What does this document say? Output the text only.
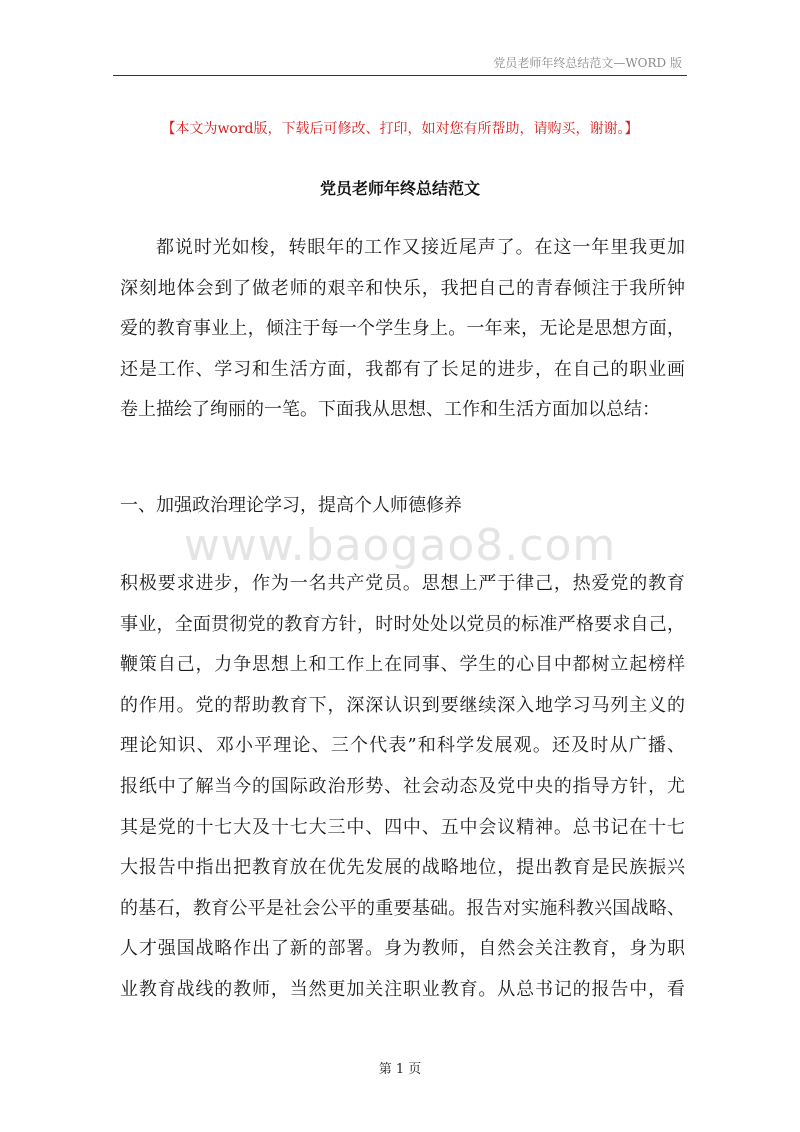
党员老师年终总结范文—WORD 版
【本文为word版，下载后可修改、打印，如对您有所帮助，请购买，谢谢。】
党员老师年终总结范文
都说时光如梭，转眼年的工作又接近尾声了。在这一年里我更加
深刻地体会到了做老师的艰辛和快乐，我把自己的青春倾注于我所钟
爱的教育事业上，倾注于每一个学生身上。一年来，无论是思想方面，
还是工作、学习和生活方面，我都有了长足的进步，在自己的职业画
卷上描绘了绚丽的一笔。下面我从思想、工作和生活方面加以总结：
一、加强政治理论学习，提高个人师德修养
www.baogao8.com
积极要求进步，作为一名共产党员。思想上严于律己，热爱党的教育
事业，全面贯彻党的教育方针，时时处处以党员的标准严格要求自己，
鞭策自己，力争思想上和工作上在同事、学生的心目中都树立起榜样
的作用。党的帮助教育下，深深认识到要继续深入地学习马列主义的
理论知识、邓小平理论、三个代表”和科学发展观。还及时从广播、
报纸中了解当今的国际政治形势、社会动态及党中央的指导方针，尤
其是党的十七大及十七大三中、四中、五中会议精神。总书记在十七
大报告中指出把教育放在优先发展的战略地位，提出教育是民族振兴
的基石，教育公平是社会公平的重要基础。报告对实施科教兴国战略、
人才强国战略作出了新的部署。身为教师，自然会关注教育，身为职
业教育战线的教师，当然更加关注职业教育。从总书记的报告中，看
第 1 页
